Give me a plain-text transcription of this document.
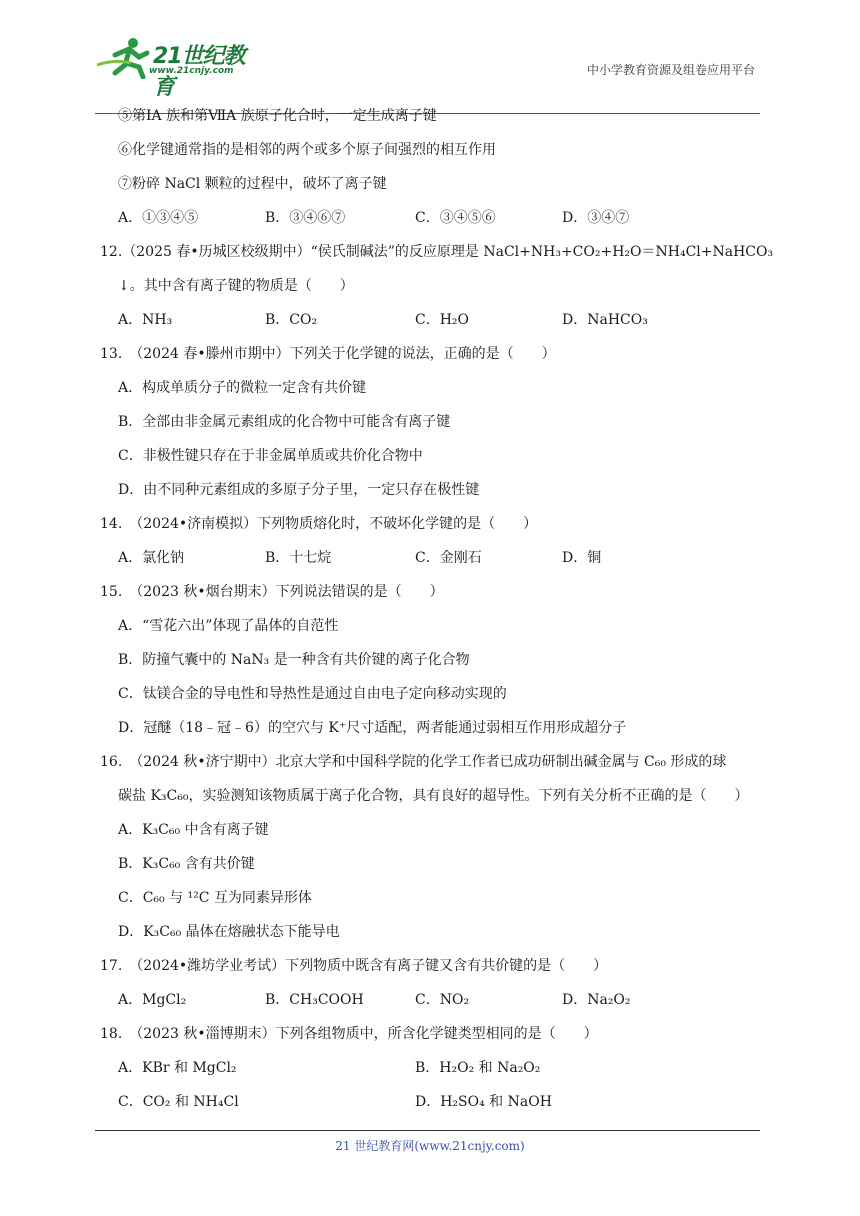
21世纪教育
www.21cnjy.com	中小学教育资源及组卷应用平台
⑤第ⅠA 族和第ⅦA 族原子化合时，一定生成离子键
⑥化学键通常指的是相邻的两个或多个原子间强烈的相互作用
⑦粉碎 NaCl 颗粒的过程中，破坏了离子键
A．①③④⑤	B．③④⑥⑦	C．③④⑤⑥	D．③④⑦
12.（2025 春•历城区校级期中）“侯氏制碱法”的反应原理是 NaCl+NH₃+CO₂+H₂O＝NH₄Cl+NaHCO₃
↓。其中含有离子键的物质是（　　）
A．NH₃	B．CO₂	C．H₂O	D．NaHCO₃
13.　（2024 春•滕州市期中）下列关于化学键的说法，正确的是（　　）
A．构成单质分子的微粒一定含有共价键
B．全部由非金属元素组成的化合物中可能含有离子键
C．非极性键只存在于非金属单质或共价化合物中
D．由不同种元素组成的多原子分子里，一定只存在极性键
14.　（2024•济南模拟）下列物质熔化时，不破坏化学键的是（　　）
A．氯化钠	B．十七烷	C．金刚石	D．铜
15.　（2023 秋•烟台期末）下列说法错误的是（　　）
A．“雪花六出”体现了晶体的自范性
B．防撞气囊中的 NaN₃ 是一种含有共价键的离子化合物
C．钛镁合金的导电性和导热性是通过自由电子定向移动实现的
D．冠醚（18﹣冠﹣6）的空穴与 K⁺尺寸适配，两者能通过弱相互作用形成超分子
16.　（2024 秋•济宁期中）北京大学和中国科学院的化学工作者已成功研制出碱金属与 C₆₀ 形成的球
碳盐 K₃C₆₀，实验测知该物质属于离子化合物，具有良好的超导性。下列有关分析不正确的是（　　）
A．K₃C₆₀ 中含有离子键
B．K₃C₆₀ 含有共价键
C．C₆₀ 与 ¹²C 互为同素异形体
D．K₃C₆₀ 晶体在熔融状态下能导电
17.　（2024•潍坊学业考试）下列物质中既含有离子键又含有共价键的是（　　）
A．MgCl₂	B．CH₃COOH	C．NO₂	D．Na₂O₂
18.　（2023 秋•淄博期末）下列各组物质中，所含化学键类型相同的是（　　）
A．KBr 和 MgCl₂	B．H₂O₂ 和 Na₂O₂
C．CO₂ 和 NH₄Cl	D．H₂SO₄ 和 NaOH
21 世纪教育网(www.21cnjy.com)
